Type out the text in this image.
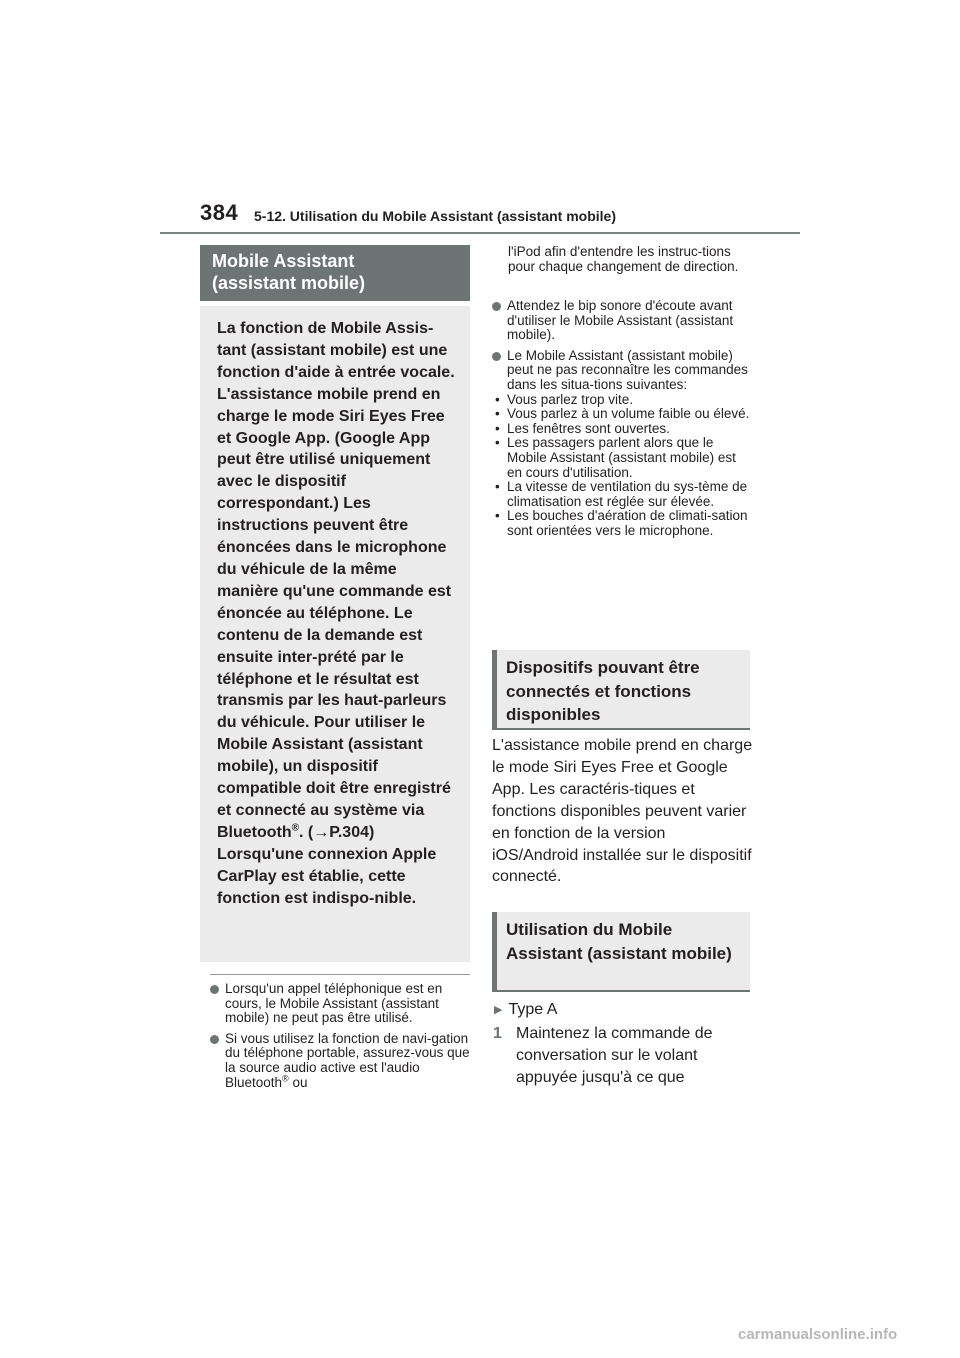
384 5-12. Utilisation du Mobile Assistant (assistant mobile)
Mobile Assistant
(assistant mobile)
La fonction de Mobile Assis-tant (assistant mobile) est une fonction d'aide à entrée vocale. L'assistance mobile prend en charge le mode Siri Eyes Free et Google App. (Google App peut être utilisé uniquement avec le dispositif correspondant.) Les instructions peuvent être énoncées dans le microphone du véhicule de la même manière qu'une commande est énoncée au téléphone. Le contenu de la demande est ensuite inter-prété par le téléphone et le résultat est transmis par les haut-parleurs du véhicule. Pour utiliser le Mobile Assistant (assistant mobile), un dispositif compatible doit être enregistré et connecté au système via Bluetooth®. (→P.304) Lorsqu'une connexion Apple CarPlay est établie, cette fonction est indispo-nible.
Lorsqu'un appel téléphonique est en cours, le Mobile Assistant (assistant mobile) ne peut pas être utilisé.
Si vous utilisez la fonction de navi-gation du téléphone portable, assurez-vous que la source audio active est l'audio Bluetooth® ou

l'iPod afin d'entendre les instruc-tions pour chaque changement de direction.

Attendez le bip sonore d'écoute avant d'utiliser le Mobile Assistant (assistant mobile).
Le Mobile Assistant (assistant mobile) peut ne pas reconnaître les commandes dans les situa-tions suivantes:
• Vous parlez trop vite.
• Vous parlez à un volume faible ou élevé.
• Les fenêtres sont ouvertes.
• Les passagers parlent alors que le Mobile Assistant (assistant mobile) est en cours d'utilisation.
• La vitesse de ventilation du sys-tème de climatisation est réglée sur élevée.
• Les bouches d'aération de climati-sation sont orientées vers le microphone.
Dispositifs pouvant être connectés et fonctions disponibles

L'assistance mobile prend en charge le mode Siri Eyes Free et Google App. Les caractéris-tiques et fonctions disponibles peuvent varier en fonction de la version iOS/Android installée sur le dispositif connecté.

Utilisation du Mobile Assistant (assistant mobile)
▶ Type A
1 Maintenez la commande de conversation sur le volant appuyée jusqu'à ce que
carmanualsonline.info
